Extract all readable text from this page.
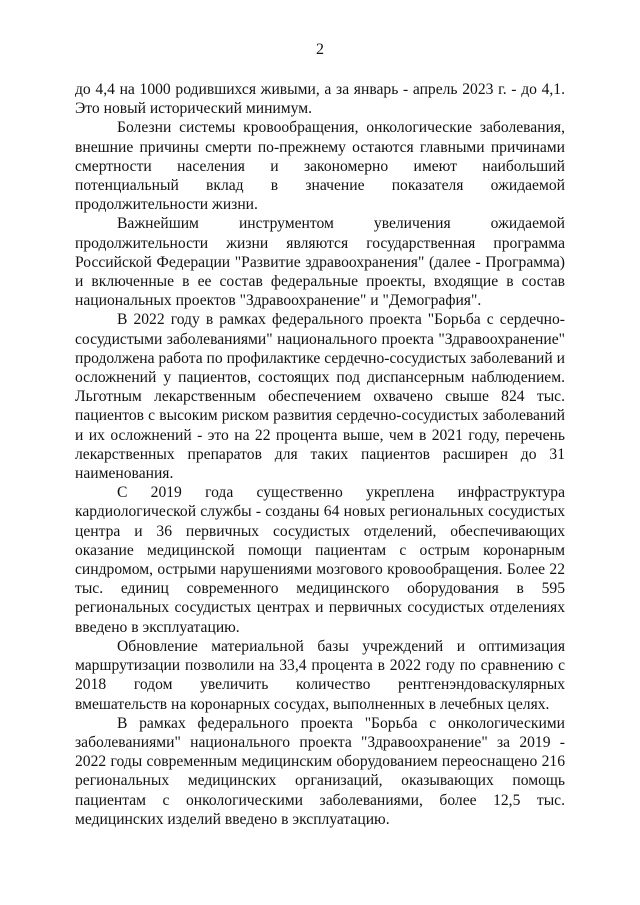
2

до 4,4 на 1000 родившихся живыми, а за январь - апрель 2023 г. - до 4,1. Это новый исторический минимум.

Болезни системы кровообращения, онкологические заболевания, внешние причины смерти по-прежнему остаются главными причинами смертности населения и закономерно имеют наибольший потенциальный вклад в значение показателя ожидаемой продолжительности жизни.

Важнейшим инструментом увеличения ожидаемой продолжительности жизни являются государственная программа Российской Федерации "Развитие здравоохранения" (далее - Программа) и включенные в ее состав федеральные проекты, входящие в состав национальных проектов "Здравоохранение" и "Демография".

В 2022 году в рамках федерального проекта "Борьба с сердечно-сосудистыми заболеваниями" национального проекта "Здравоохранение" продолжена работа по профилактике сердечно-сосудистых заболеваний и осложнений у пациентов, состоящих под диспансерным наблюдением. Льготным лекарственным обеспечением охвачено свыше 824 тыс. пациентов с высоким риском развития сердечно-сосудистых заболеваний и их осложнений - это на 22 процента выше, чем в 2021 году, перечень лекарственных препаратов для таких пациентов расширен до 31 наименования.

С 2019 года существенно укреплена инфраструктура кардиологической службы - созданы 64 новых региональных сосудистых центра и 36 первичных сосудистых отделений, обеспечивающих оказание медицинской помощи пациентам с острым коронарным синдромом, острыми нарушениями мозгового кровообращения. Более 22 тыс. единиц современного медицинского оборудования в 595 региональных сосудистых центрах и первичных сосудистых отделениях введено в эксплуатацию.

Обновление материальной базы учреждений и оптимизация маршрутизации позволили на 33,4 процента в 2022 году по сравнению с 2018 годом увеличить количество рентгенэндоваскулярных вмешательств на коронарных сосудах, выполненных в лечебных целях.

В рамках федерального проекта "Борьба с онкологическими заболеваниями" национального проекта "Здравоохранение" за 2019 - 2022 годы современным медицинским оборудованием переоснащено 216 региональных медицинских организаций, оказывающих помощь пациентам с онкологическими заболеваниями, более 12,5 тыс. медицинских изделий введено в эксплуатацию.
